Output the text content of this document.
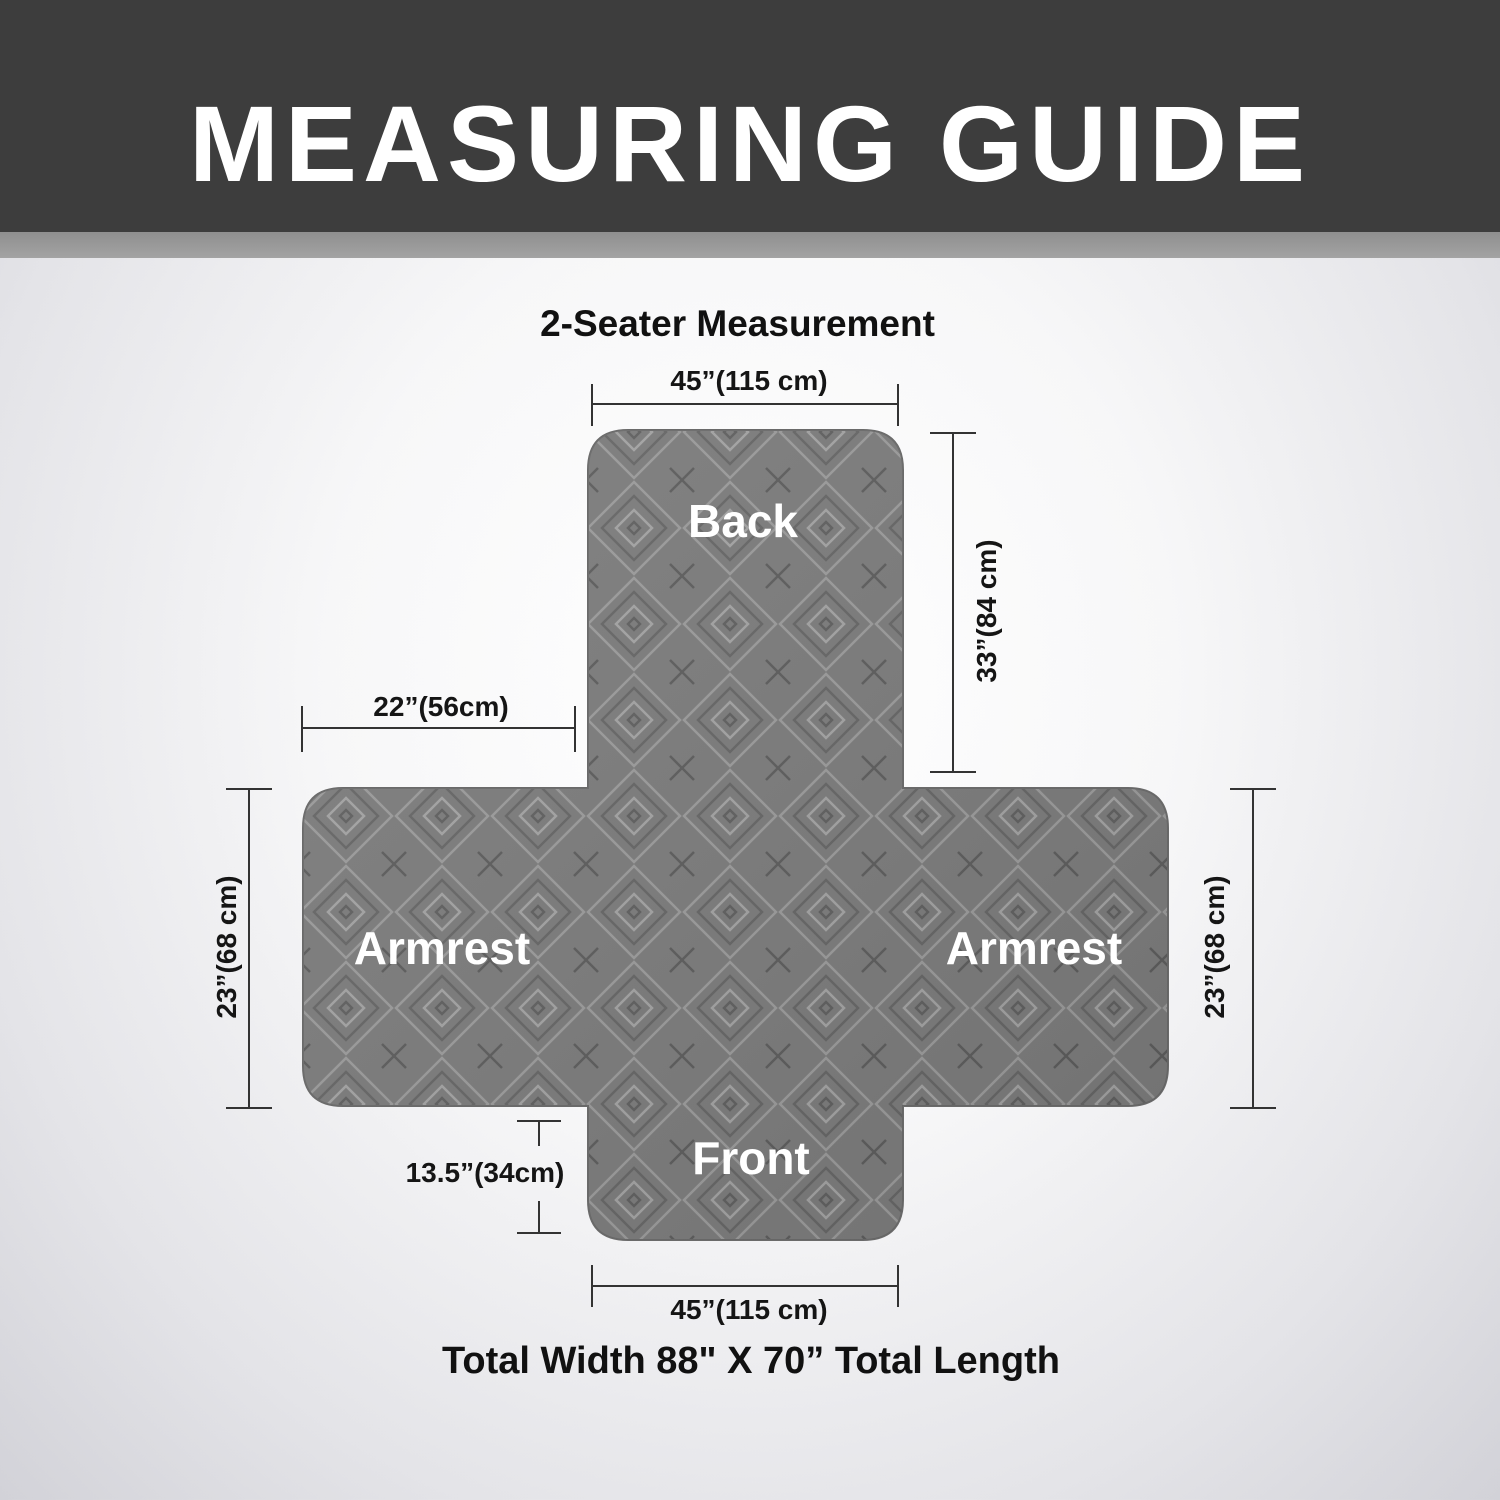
MEASURING GUIDE

2-Seater Measurement

Back
Armrest	Armrest
Front
45”(115 cm)
33”(84 cm)
22”(56cm)
23”(68 cm)	23”(68 cm)
13.5”(34cm)
45”(115 cm)

Total Width 88" X 70” Total Length
